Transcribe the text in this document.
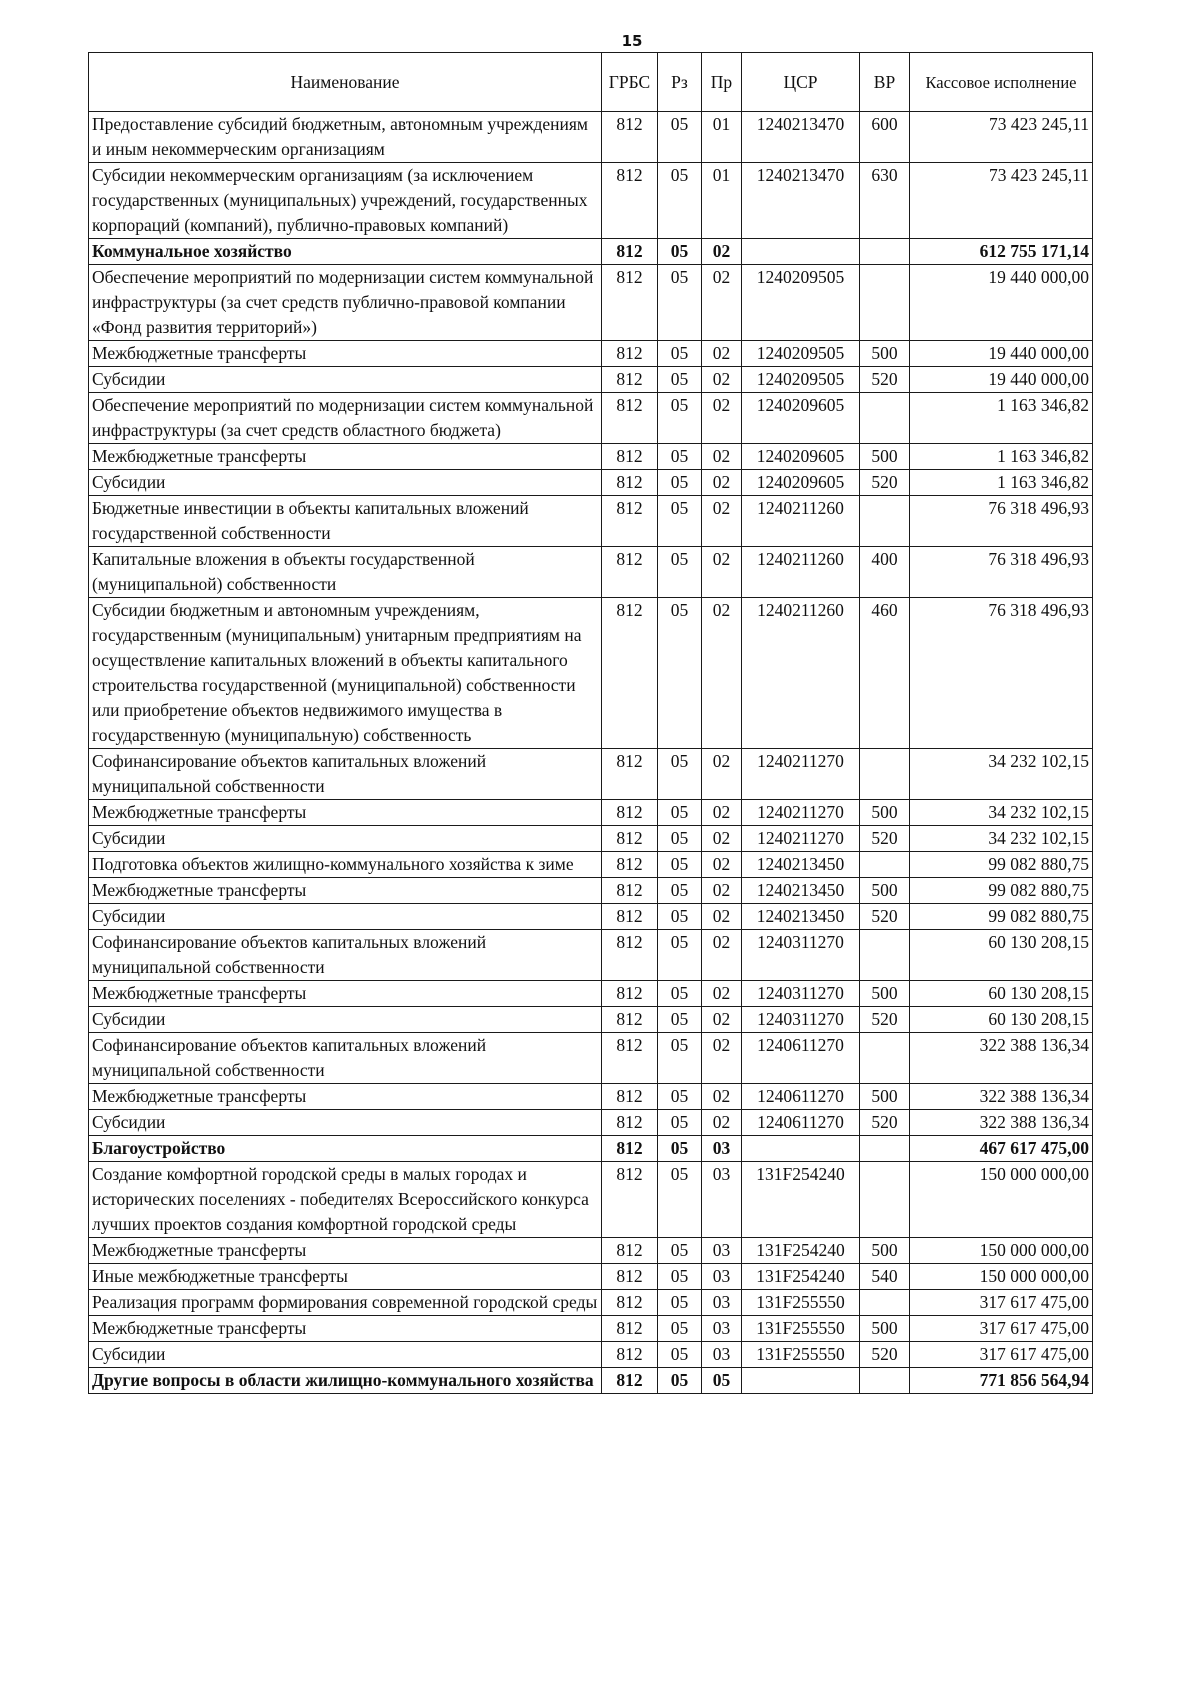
15
Наименование	ГРБС	Рз	Пр	ЦСР	ВР	Кассовое исполнение
Предоставление субсидий бюджетным, автономным учреждениям и иным некоммерческим организациям	812	05	01	1240213470	600	73 423 245,11
Субсидии некоммерческим организациям (за исключением государственных (муниципальных) учреждений, государственных корпораций (компаний), публично-правовых компаний)	812	05	01	1240213470	630	73 423 245,11
Коммунальное хозяйство	812	05	02			612 755 171,14
Обеспечение мероприятий по модернизации систем коммунальной инфраструктуры (за счет средств публично-правовой компании «Фонд развития территорий»)	812	05	02	1240209505		19 440 000,00
Межбюджетные трансферты	812	05	02	1240209505	500	19 440 000,00
Субсидии	812	05	02	1240209505	520	19 440 000,00
Обеспечение мероприятий по модернизации систем коммунальной инфраструктуры (за счет средств областного бюджета)	812	05	02	1240209605		1 163 346,82
Межбюджетные трансферты	812	05	02	1240209605	500	1 163 346,82
Субсидии	812	05	02	1240209605	520	1 163 346,82
Бюджетные инвестиции в объекты капитальных вложений государственной собственности	812	05	02	1240211260		76 318 496,93
Капитальные вложения в объекты государственной (муниципальной) собственности	812	05	02	1240211260	400	76 318 496,93
Субсидии бюджетным и автономным учреждениям, государственным (муниципальным) унитарным предприятиям на осуществление капитальных вложений в объекты капитального строительства государственной (муниципальной) собственности или приобретение объектов недвижимого имущества в государственную (муниципальную) собственность	812	05	02	1240211260	460	76 318 496,93
Софинансирование объектов капитальных вложений муниципальной собственности	812	05	02	1240211270		34 232 102,15
Межбюджетные трансферты	812	05	02	1240211270	500	34 232 102,15
Субсидии	812	05	02	1240211270	520	34 232 102,15
Подготовка объектов жилищно-коммунального хозяйства к зиме	812	05	02	1240213450		99 082 880,75
Межбюджетные трансферты	812	05	02	1240213450	500	99 082 880,75
Субсидии	812	05	02	1240213450	520	99 082 880,75
Софинансирование объектов капитальных вложений муниципальной собственности	812	05	02	1240311270		60 130 208,15
Межбюджетные трансферты	812	05	02	1240311270	500	60 130 208,15
Субсидии	812	05	02	1240311270	520	60 130 208,15
Софинансирование объектов капитальных вложений муниципальной собственности	812	05	02	1240611270		322 388 136,34
Межбюджетные трансферты	812	05	02	1240611270	500	322 388 136,34
Субсидии	812	05	02	1240611270	520	322 388 136,34
Благоустройство	812	05	03			467 617 475,00
Создание комфортной городской среды в малых городах и исторических поселениях - победителях Всероссийского конкурса лучших проектов создания комфортной городской среды	812	05	03	131F254240		150 000 000,00
Межбюджетные трансферты	812	05	03	131F254240	500	150 000 000,00
Иные межбюджетные трансферты	812	05	03	131F254240	540	150 000 000,00
Реализация программ формирования современной городской среды	812	05	03	131F255550		317 617 475,00
Межбюджетные трансферты	812	05	03	131F255550	500	317 617 475,00
Субсидии	812	05	03	131F255550	520	317 617 475,00
Другие вопросы в области жилищно-коммунального хозяйства	812	05	05			771 856 564,94
